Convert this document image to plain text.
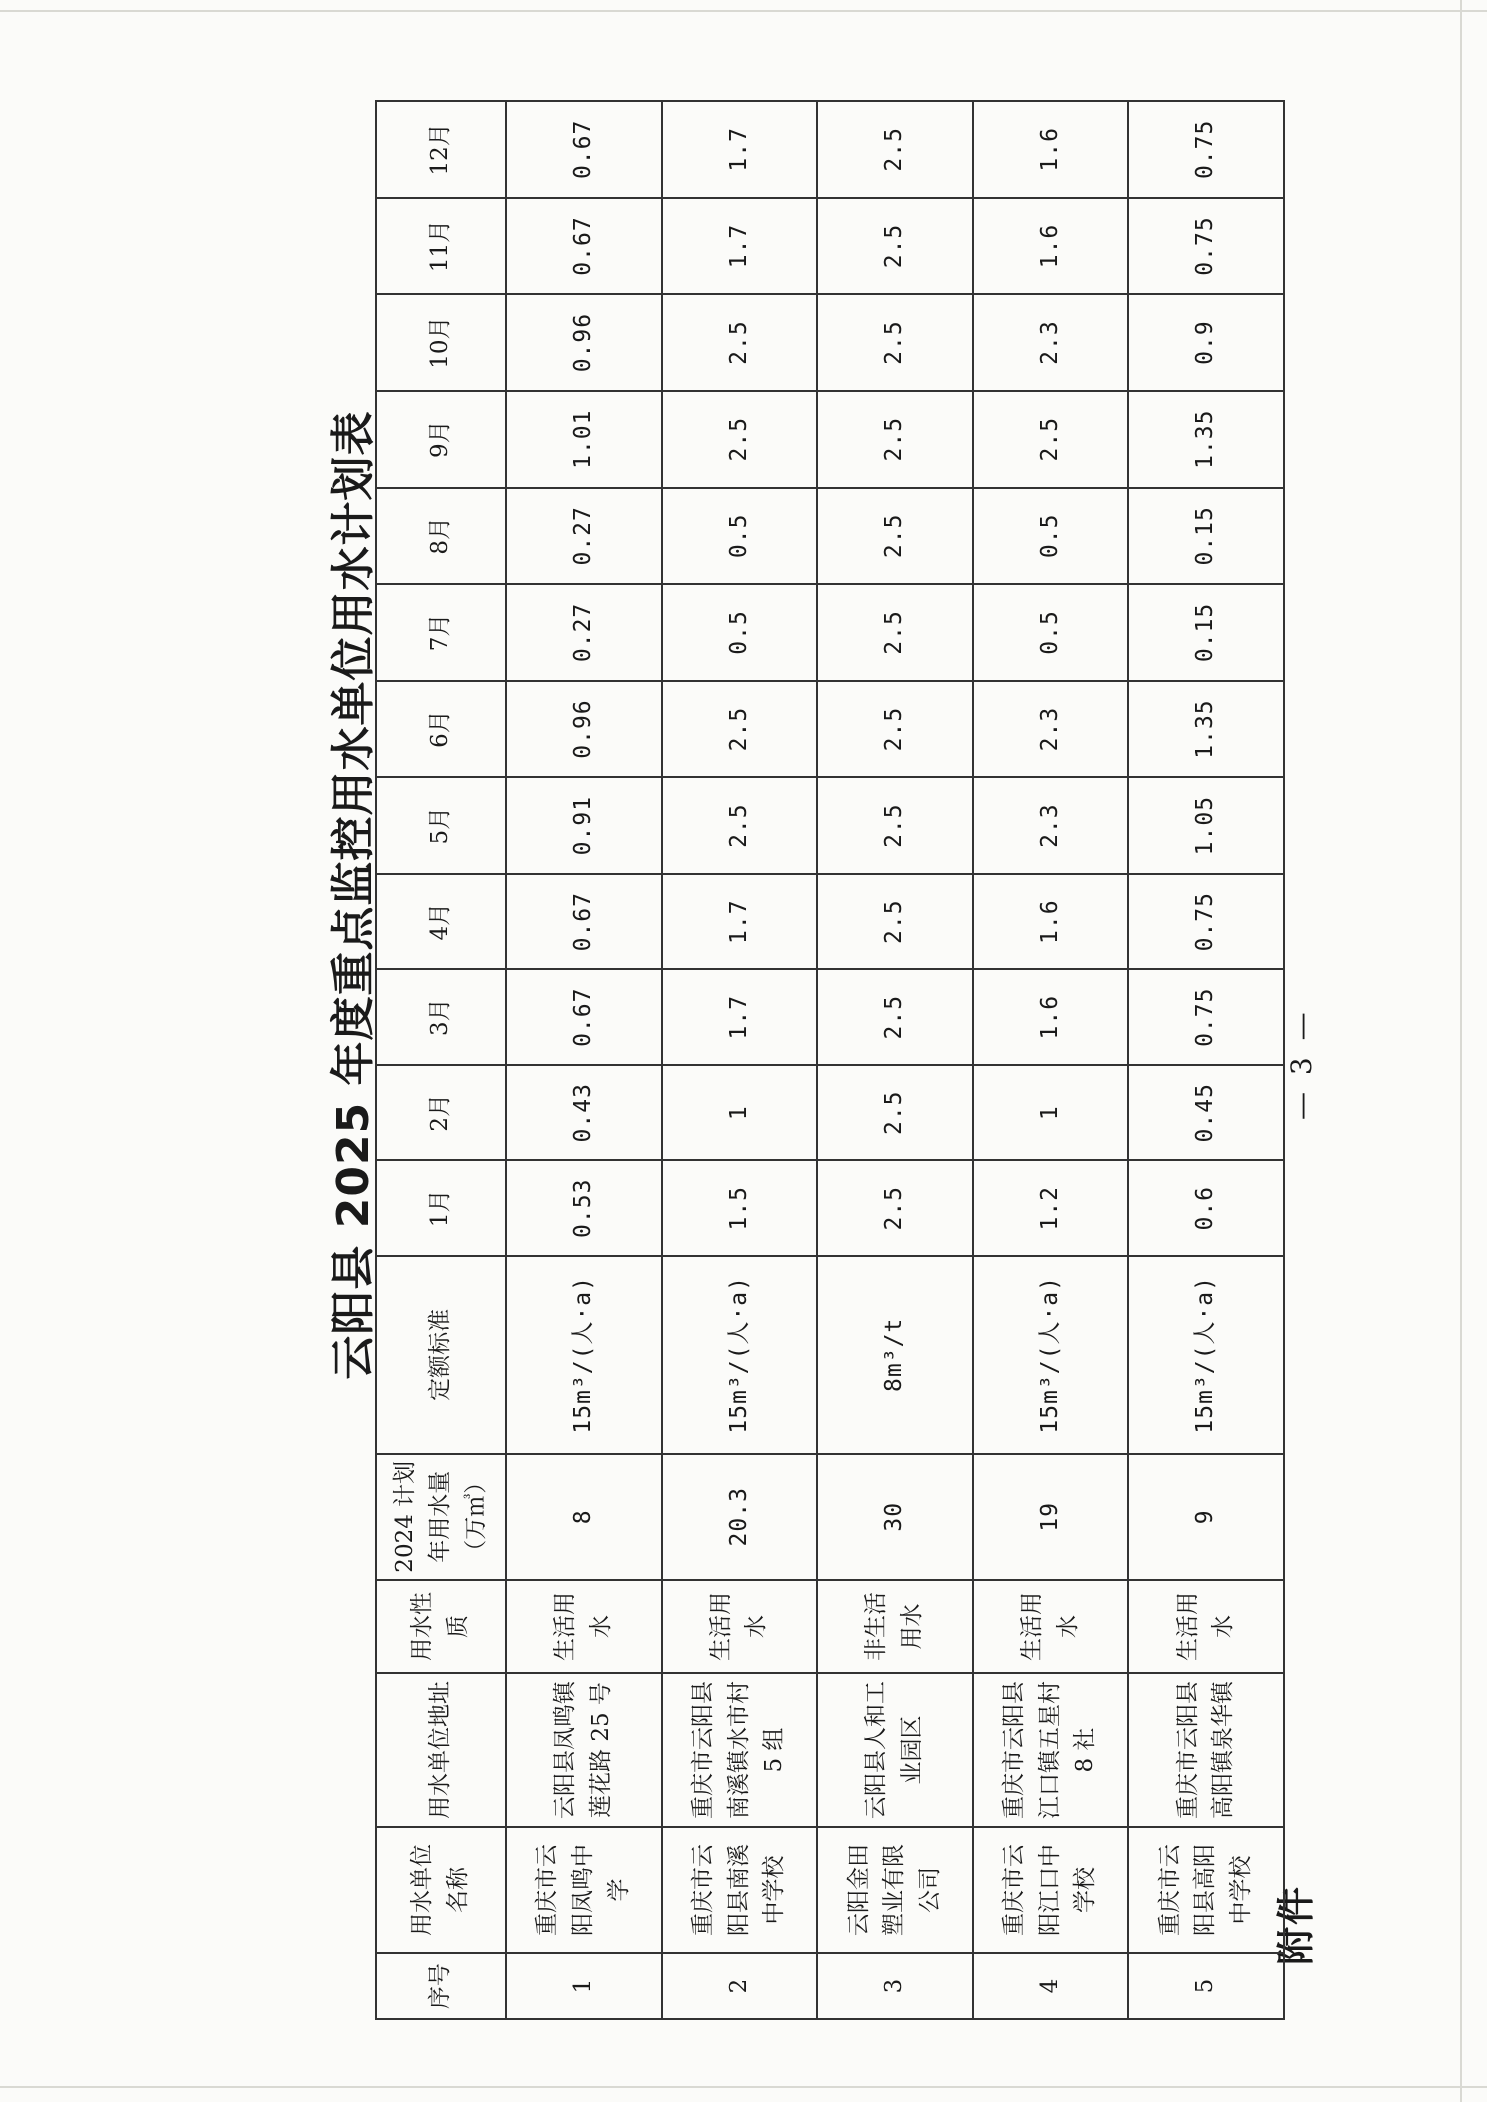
附件
云阳县 2025 年度重点监控用水单位用水计划表
序号	用水单位名称	用水单位地址	用水性质	2024 计划年用水量（万㎥）	定额标准	1月	2月	3月	4月	5月	6月	7月	8月	9月	10月	11月	12月
1	重庆市云阳凤鸣中学	云阳县凤鸣镇莲花路 25 号	生活用水	8	15m³/(人·a)	0.53	0.43	0.67	0.67	0.91	0.96	0.27	0.27	1.01	0.96	0.67	0.67
2	重庆市云阳县南溪中学校	重庆市云阳县南溪镇水市村 5 组	生活用水	20.3	15m³/(人·a)	1.5	1	1.7	1.7	2.5	2.5	0.5	0.5	2.5	2.5	1.7	1.7
3	云阳金田塑业有限公司	云阳县人和工业园区	非生活用水	30	8m³/t	2.5	2.5	2.5	2.5	2.5	2.5	2.5	2.5	2.5	2.5	2.5	2.5
4	重庆市云阳江口中学校	重庆市云阳县江口镇五星村 8 社	生活用水	19	15m³/(人·a)	1.2	1	1.6	1.6	2.3	2.3	0.5	0.5	2.5	2.3	1.6	1.6
5	重庆市云阳县高阳中学校	重庆市云阳县高阳镇泉华镇	生活用水	9	15m³/(人·a)	0.6	0.45	0.75	0.75	1.05	1.35	0.15	0.15	1.35	0.9	0.75	0.75
— 3 —
